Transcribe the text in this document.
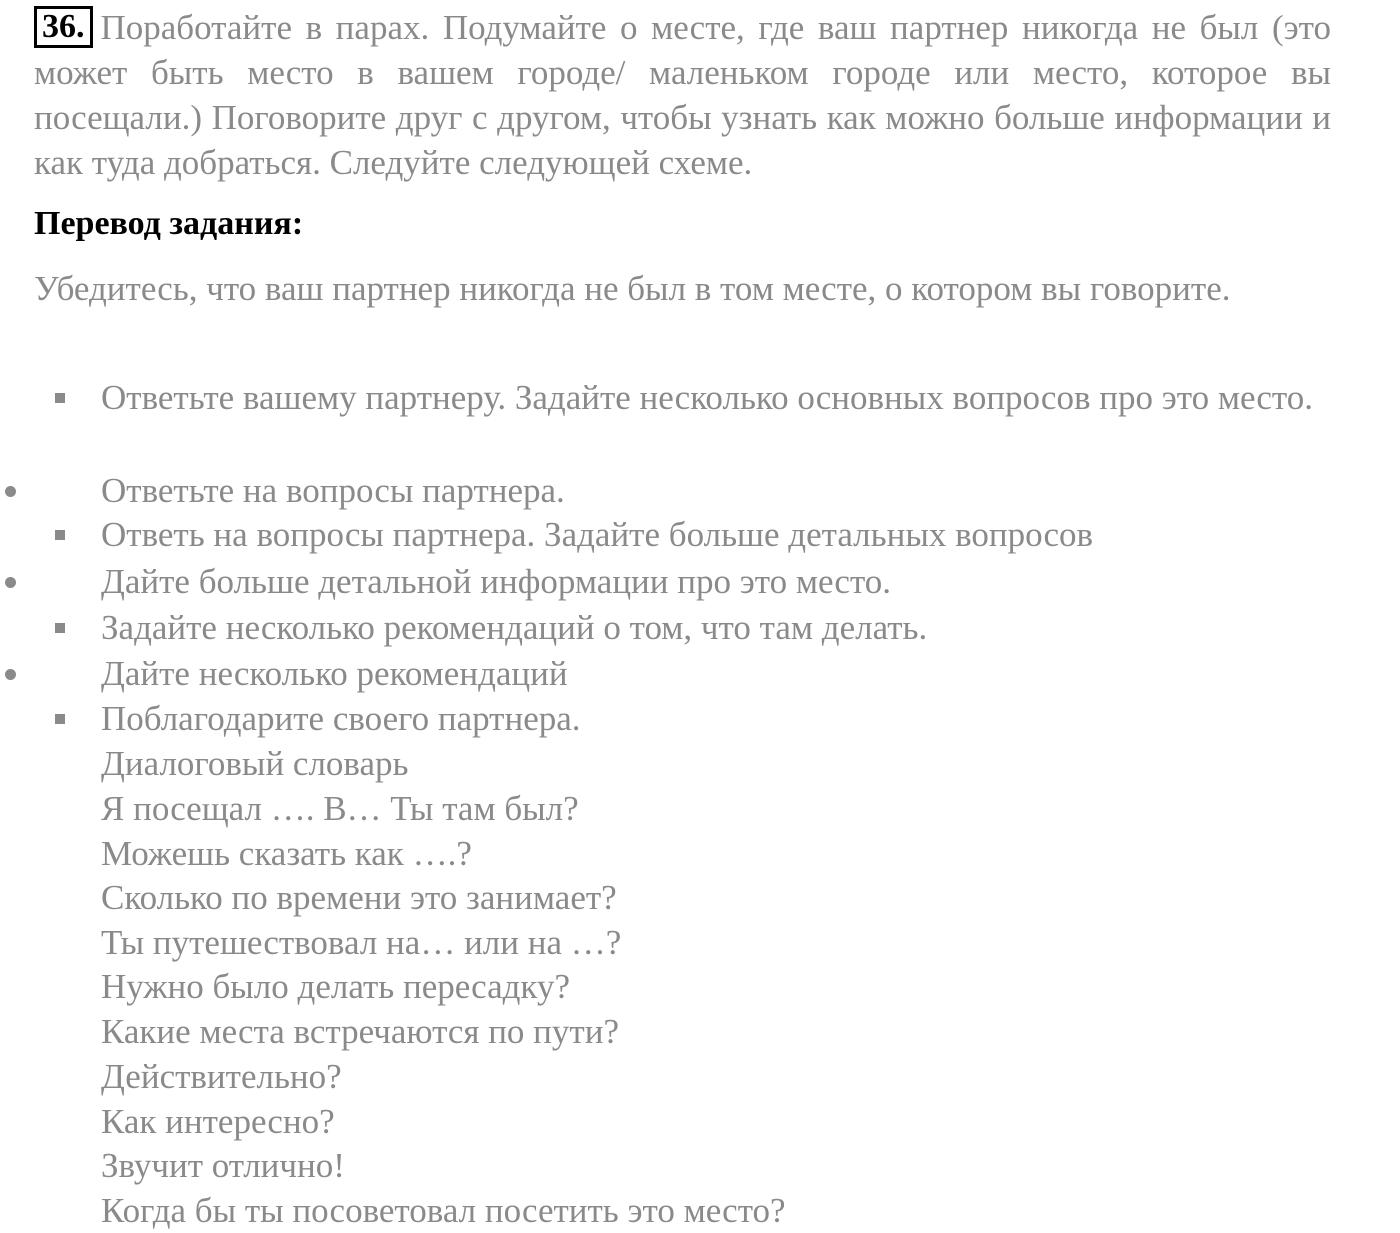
36. Поработайте в парах. Подумайте о месте, где ваш партнер никогда не был (это может быть место в вашем городе/ маленьком городе или место, которое вы посещали.) Поговорите друг с другом, чтобы узнать как можно больше информации и как туда добраться. Следуйте следующей схеме.
Перевод задания:
Убедитесь, что ваш партнер никогда не был в том месте, о котором вы говорите.
Ответьте вашему партнеру. Задайте несколько основных вопросов про это место.
Ответьте на вопросы партнера.
Ответь на вопросы партнера. Задайте больше детальных вопросов
Дайте больше детальной информации про это место.
Задайте несколько рекомендаций о том, что там делать.
Дайте несколько рекомендаций
Поблагодарите своего партнера.
Диалоговый словарь
Я посещал …. В… Ты там был?
Можешь сказать как ….?
Сколько по времени это занимает?
Ты путешествовал на… или на …?
Нужно было делать пересадку?
Какие места встречаются по пути?
Действительно?
Как интересно?
Звучит отлично!
Когда бы ты посоветовал посетить это место?
